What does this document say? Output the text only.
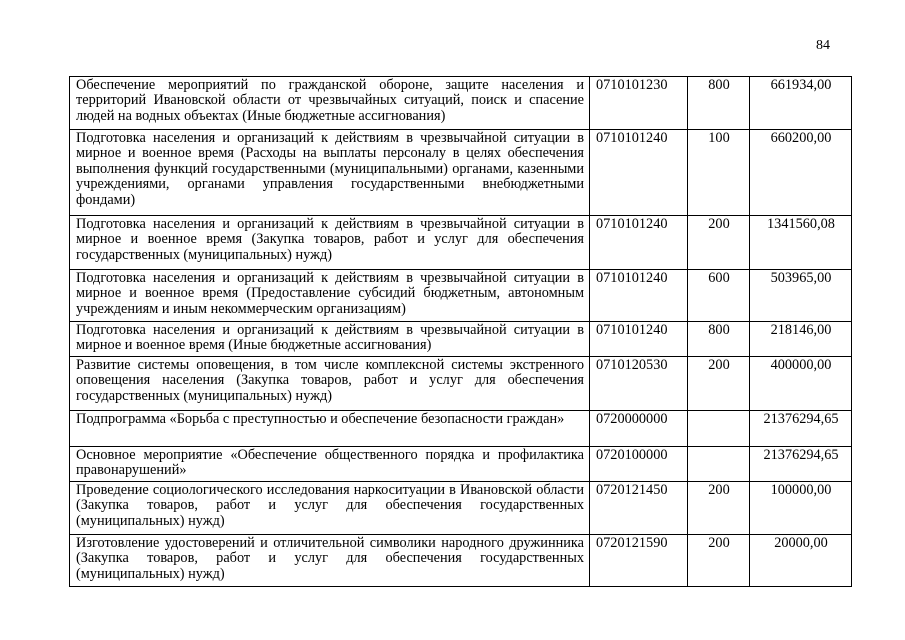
84
Обеспечение мероприятий по гражданской обороне, защите населения и территорий Ивановской области от чрезвычайных ситуаций, поиск и спасение людей на водных объектах (Иные бюджетные ассигнования)	0710101230	800	661934,00
Подготовка населения и организаций к действиям в чрезвычайной ситуации в мирное и военное время (Расходы на выплаты персоналу в целях обеспечения выполнения функций государственными (муниципальными) органами, казенными учреждениями, органами управления государственными внебюджетными фондами)	0710101240	100	660200,00
Подготовка населения и организаций к действиям в чрезвычайной ситуации в мирное и военное время (Закупка товаров, работ и услуг для обеспечения государственных (муниципальных) нужд)	0710101240	200	1341560,08
Подготовка населения и организаций к действиям в чрезвычайной ситуации в мирное и военное время (Предоставление субсидий бюджетным, автономным учреждениям и иным некоммерческим организациям)	0710101240	600	503965,00
Подготовка населения и организаций к действиям в чрезвычайной ситуации в мирное и военное время (Иные бюджетные ассигнования)	0710101240	800	218146,00
Развитие системы оповещения, в том числе комплексной системы экстренного оповещения населения (Закупка товаров, работ и услуг для обеспечения государственных (муниципальных) нужд)	0710120530	200	400000,00
Подпрограмма «Борьба с преступностью и обеспечение безопасности граждан»	0720000000		21376294,65
Основное мероприятие «Обеспечение общественного порядка и профилактика правонарушений»	0720100000		21376294,65
Проведение социологического исследования наркоситуации в Ивановской области (Закупка товаров, работ и услуг для обеспечения государственных (муниципальных) нужд)	0720121450	200	100000,00
Изготовление удостоверений и отличительной символики народного дружинника (Закупка товаров, работ и услуг для обеспечения государственных (муниципальных) нужд)	0720121590	200	20000,00
